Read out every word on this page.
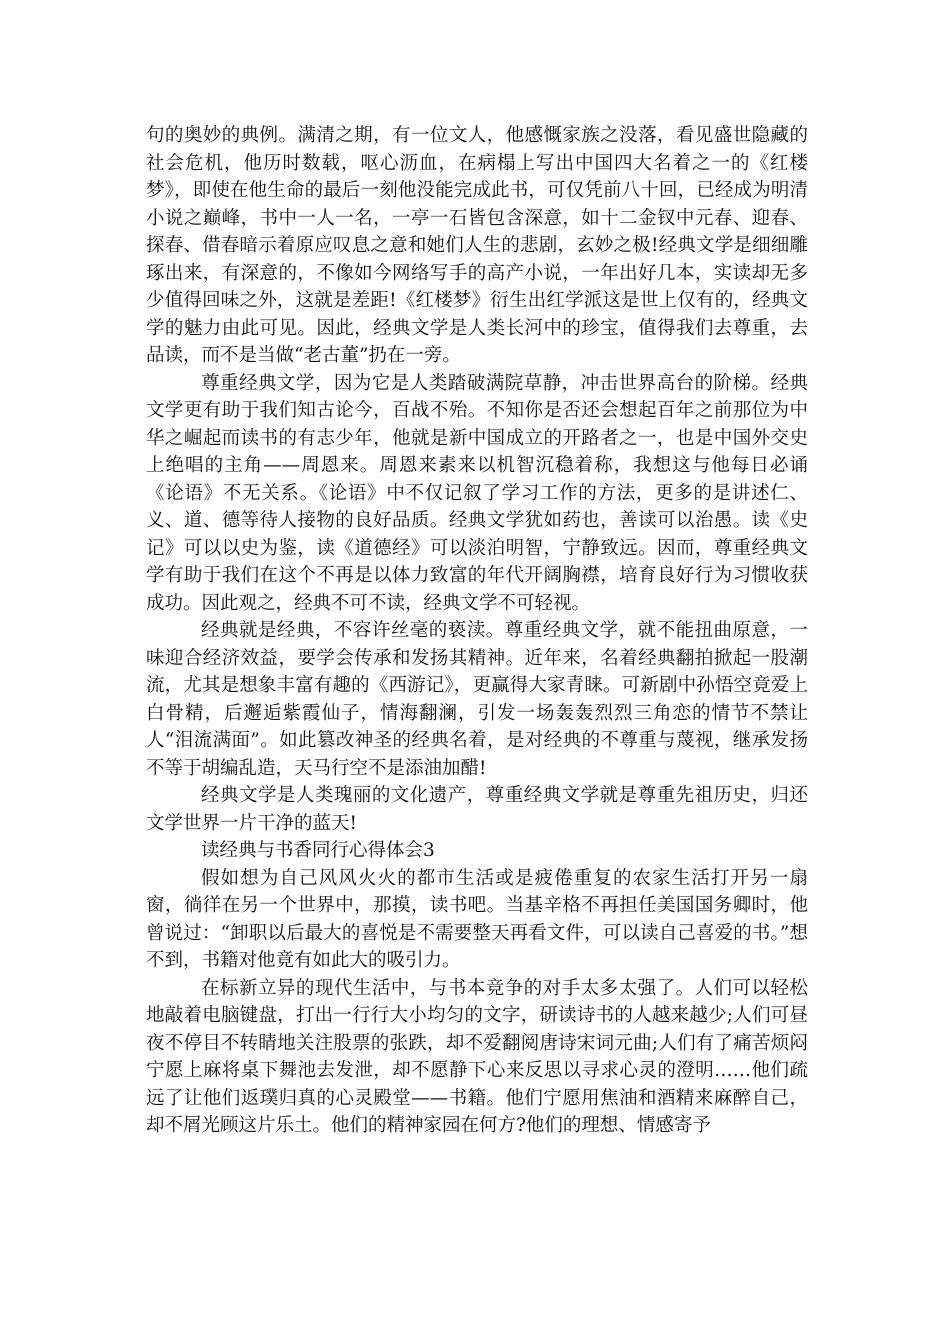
句的奥妙的典例。满清之期，有一位文人，他感慨家族之没落，看见盛世隐藏的社会危机，他历时数载，呕心沥血，在病榻上写出中国四大名着之一的《红楼梦》，即使在他生命的最后一刻他没能完成此书，可仅凭前八十回，已经成为明清小说之巅峰，书中一人一名，一亭一石皆包含深意，如十二金钗中元春、迎春、探春、借春暗示着原应叹息之意和她们人生的悲剧，玄妙之极!经典文学是细细雕琢出来，有深意的，不像如今网络写手的高产小说，一年出好几本，实读却无多少值得回味之外，这就是差距!《红楼梦》衍生出红学派这是世上仅有的，经典文学的魅力由此可见。因此，经典文学是人类长河中的珍宝，值得我们去尊重，去品读，而不是当做“老古董”扔在一旁。

尊重经典文学，因为它是人类踏破满院草静，冲击世界高台的阶梯。经典文学更有助于我们知古论今，百战不殆。不知你是否还会想起百年之前那位为中华之崛起而读书的有志少年，他就是新中国成立的开路者之一，也是中国外交史上绝唱的主角——周恩来。周恩来素来以机智沉稳着称，我想这与他每日必诵《论语》不无关系。《论语》中不仅记叙了学习工作的方法，更多的是讲述仁、义、道、德等待人接物的良好品质。经典文学犹如药也，善读可以治愚。读《史记》可以以史为鉴，读《道德经》可以淡泊明智，宁静致远。因而，尊重经典文学有助于我们在这个不再是以体力致富的年代开阔胸襟，培育良好行为习惯收获成功。因此观之，经典不可不读，经典文学不可轻视。

经典就是经典，不容许丝毫的亵渎。尊重经典文学，就不能扭曲原意，一味迎合经济效益，要学会传承和发扬其精神。近年来，名着经典翻拍掀起一股潮流，尤其是想象丰富有趣的《西游记》，更赢得大家青睐。可新剧中孙悟空竟爱上白骨精，后邂逅紫霞仙子，情海翻澜，引发一场轰轰烈烈三角恋的情节不禁让人“泪流满面”。如此篡改神圣的经典名着，是对经典的不尊重与蔑视，继承发扬不等于胡编乱造，天马行空不是添油加醋!

经典文学是人类瑰丽的文化遗产，尊重经典文学就是尊重先祖历史，归还文学世界一片干净的蓝天!

读经典与书香同行心得体会3

假如想为自己风风火火的都市生活或是疲倦重复的农家生活打开另一扇窗，徜徉在另一个世界中，那摸，读书吧。当基辛格不再担任美国国务卿时，他曾说过：“卸职以后最大的喜悦是不需要整天再看文件，可以读自己喜爱的书。”想不到，书籍对他竟有如此大的吸引力。

在标新立异的现代生活中，与书本竞争的对手太多太强了。人们可以轻松地敲着电脑键盘，打出一行行大小均匀的文字，研读诗书的人越来越少;人们可昼夜不停目不转睛地关注股票的张跌，却不爱翻阅唐诗宋词元曲;人们有了痛苦烦闷宁愿上麻将桌下舞池去发泄，却不愿静下心来反思以寻求心灵的澄明……他们疏远了让他们返璞归真的心灵殿堂——书籍。他们宁愿用焦油和酒精来麻醉自己，却不屑光顾这片乐土。他们的精神家园在何方?他们的理想、情感寄予
